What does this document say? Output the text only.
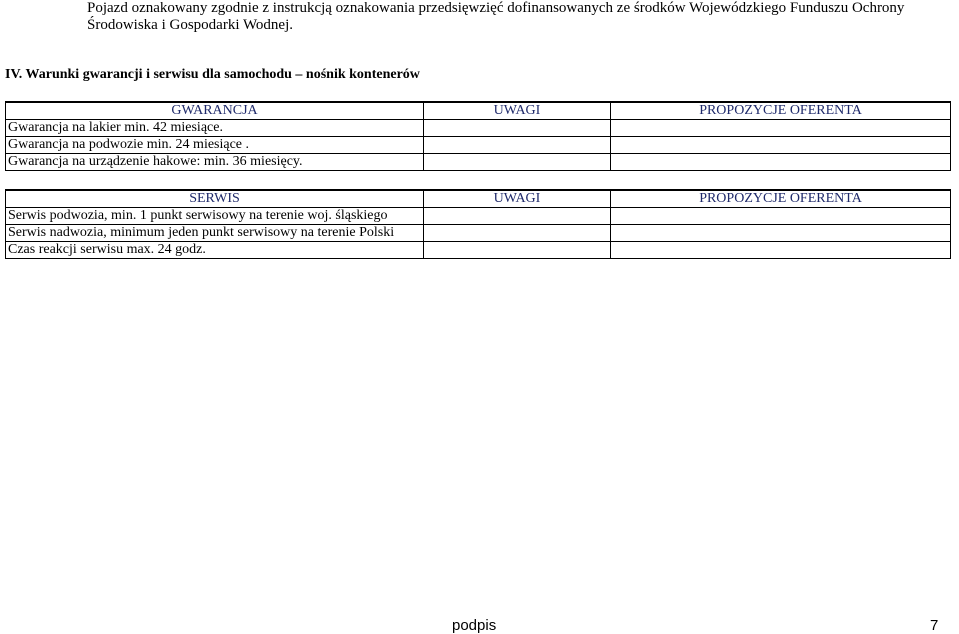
Pojazd oznakowany zgodnie z instrukcją oznakowania przedsięwzięć dofinansowanych ze środków Wojewódzkiego Funduszu Ochrony
Środowiska i Gospodarki Wodnej.
IV. Warunki gwarancji i serwisu dla samochodu – nośnik kontenerów
GWARANCJA	UWAGI	PROPOZYCJE OFERENTA
Gwarancja na lakier min. 42 miesiące.		
Gwarancja na podwozie min. 24 miesiące .		
Gwarancja na urządzenie hakowe: min. 36 miesięcy.		
SERWIS	UWAGI	PROPOZYCJE OFERENTA
Serwis podwozia, min. 1 punkt serwisowy na terenie woj. śląskiego		
Serwis nadwozia, minimum jeden punkt serwisowy na terenie Polski		
Czas reakcji serwisu max. 24 godz.		
podpis	7
